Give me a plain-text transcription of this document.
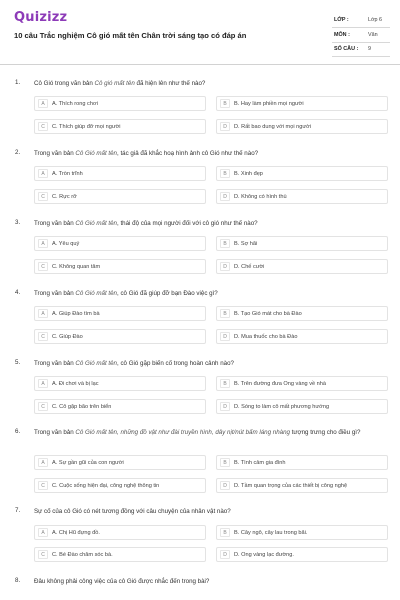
Quizizz
10 câu Trắc nghiệm Cô gió mất tên Chân trời sáng tạo có đáp án
LỚP :	Lớp 6
MÔN :	Văn
SỐ CÂU : 9
1. Cô Gió trong văn bản Cô gió mất tên đã hiện lên như thế nào?
A	A. Thích rong chơi	B	B. Hay làm phiền mọi người
C	C. Thích giúp đỡ mọi người	D	D. Rất bao dung với mọi người
2. Trong văn bản Cô Gió mất tên, tác giả đã khắc hoạ hình ảnh cô Gió như thế nào?
A	A. Tròn trĩnh	B	B. Xinh đẹp
C	C. Rực rỡ	D	D. Không có hình thù
3. Trong văn bản Cô Gió mất tên, thái độ của mọi người đối với cô gió như thế nào?
A	A. Yêu quý	B	B. Sợ hãi
C	C. Không quan tâm	D	D. Chế cười
4. Trong văn bản Cô Gió mất tên, cô Gió đã giúp đỡ bạn Đào việc gì?
A	A. Giúp Đào tìm bà	B	B. Tạo Gió mát cho bà Đào
C	C. Giúp Đào	D	D. Mua thuốc cho bà Đào
5. Trong văn bản Cô Gió mất tên, cô Gió gặp biến cố trong hoàn cảnh nào?
A	A. Đi chơi và bị lạc	B	B. Trên đường đưa Ong vàng về nhà
C	C. Cô gặp bão trên biển	D	D. Sóng to làm cô mất phương hướng
6. Trong văn bản Cô Gió mất tên, những đồ vật như đài truyền hình, dây nịt/nút bấm láng nhàng tượng trưng cho điều gì?
A	A. Sự gần gũi của con người	B	B. Tình cảm gia đình
C	C. Cuộc sống hiện đại, công nghệ thông tin	D	D. Tầm quan trọng của các thiết bị công nghệ
7. Sự cố của cô Gió có nét tương đồng với câu chuyện của nhân vật nào?
A	A. Chị Hũ đựng đồ.	B	B. Cây ngô, cây lau trong bãi.
C	C. Bé Đào chăm sóc bà.	D	D. Ong vàng lạc đường.
8. Đâu không phải công việc của cô Gió được nhắc đến trong bài?
